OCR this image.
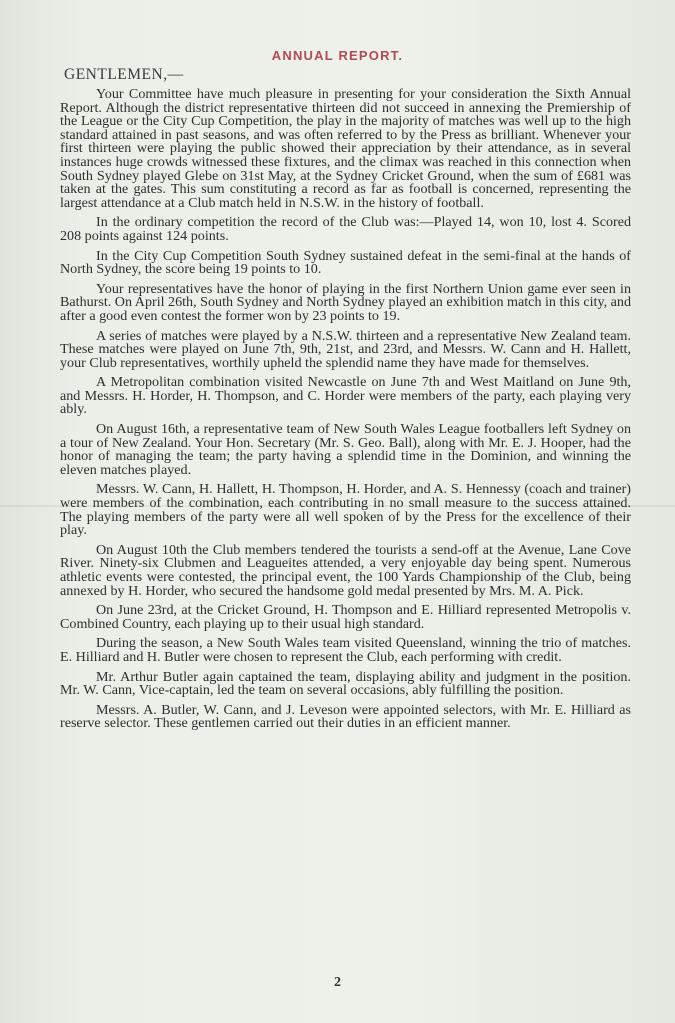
ANNUAL REPORT.
GENTLEMEN,—

Your Committee have much pleasure in presenting for your consideration the Sixth Annual Report. Although the district representative thirteen did not succeed in annexing the Premiership of the League or the City Cup Competition, the play in the majority of matches was well up to the high standard attained in past seasons, and was often referred to by the Press as brilliant. Whenever your first thirteen were playing the public showed their appreciation by their attendance, as in several instances huge crowds witnessed these fixtures, and the climax was reached in this connection when South Sydney played Glebe on 31st May, at the Sydney Cricket Ground, when the sum of £681 was taken at the gates. This sum constituting a record as far as football is concerned, representing the largest attendance at a Club match held in N.S.W. in the history of football.

In the ordinary competition the record of the Club was:—Played 14, won 10, lost 4. Scored 208 points against 124 points.

In the City Cup Competition South Sydney sustained defeat in the semi-final at the hands of North Sydney, the score being 19 points to 10.

Your representatives have the honor of playing in the first Northern Union game ever seen in Bathurst. On April 26th, South Sydney and North Sydney played an exhibition match in this city, and after a good even contest the former won by 23 points to 19.

A series of matches were played by a N.S.W. thirteen and a representative New Zealand team. These matches were played on June 7th, 9th, 21st, and 23rd, and Messrs. W. Cann and H. Hallett, your Club representatives, worthily upheld the splendid name they have made for themselves.

A Metropolitan combination visited Newcastle on June 7th and West Maitland on June 9th, and Messrs. H. Horder, H. Thompson, and C. Horder were members of the party, each playing very ably.

On August 16th, a representative team of New South Wales League footballers left Sydney on a tour of New Zealand. Your Hon. Secretary (Mr. S. Geo. Ball), along with Mr. E. J. Hooper, had the honor of managing the team; the party having a splendid time in the Dominion, and winning the eleven matches played.

Messrs. W. Cann, H. Hallett, H. Thompson, H. Horder, and A. S. Hennessy (coach and trainer) were members of the combination, each contributing in no small measure to the success attained. The playing members of the party were all well spoken of by the Press for the excellence of their play.

On August 10th the Club members tendered the tourists a send-off at the Avenue, Lane Cove River. Ninety-six Clubmen and Leagueites attended, a very enjoyable day being spent. Numerous athletic events were contested, the principal event, the 100 Yards Championship of the Club, being annexed by H. Horder, who secured the handsome gold medal presented by Mrs. M. A. Pick.

On June 23rd, at the Cricket Ground, H. Thompson and E. Hilliard represented Metropolis v. Combined Country, each playing up to their usual high standard.

During the season, a New South Wales team visited Queensland, winning the trio of matches. E. Hilliard and H. Butler were chosen to represent the Club, each performing with credit.

Mr. Arthur Butler again captained the team, displaying ability and judgment in the position. Mr. W. Cann, Vice-captain, led the team on several occasions, ably fulfilling the position.

Messrs. A. Butler, W. Cann, and J. Leveson were appointed selectors, with Mr. E. Hilliard as reserve selector. These gentlemen carried out their duties in an efficient manner.

2
